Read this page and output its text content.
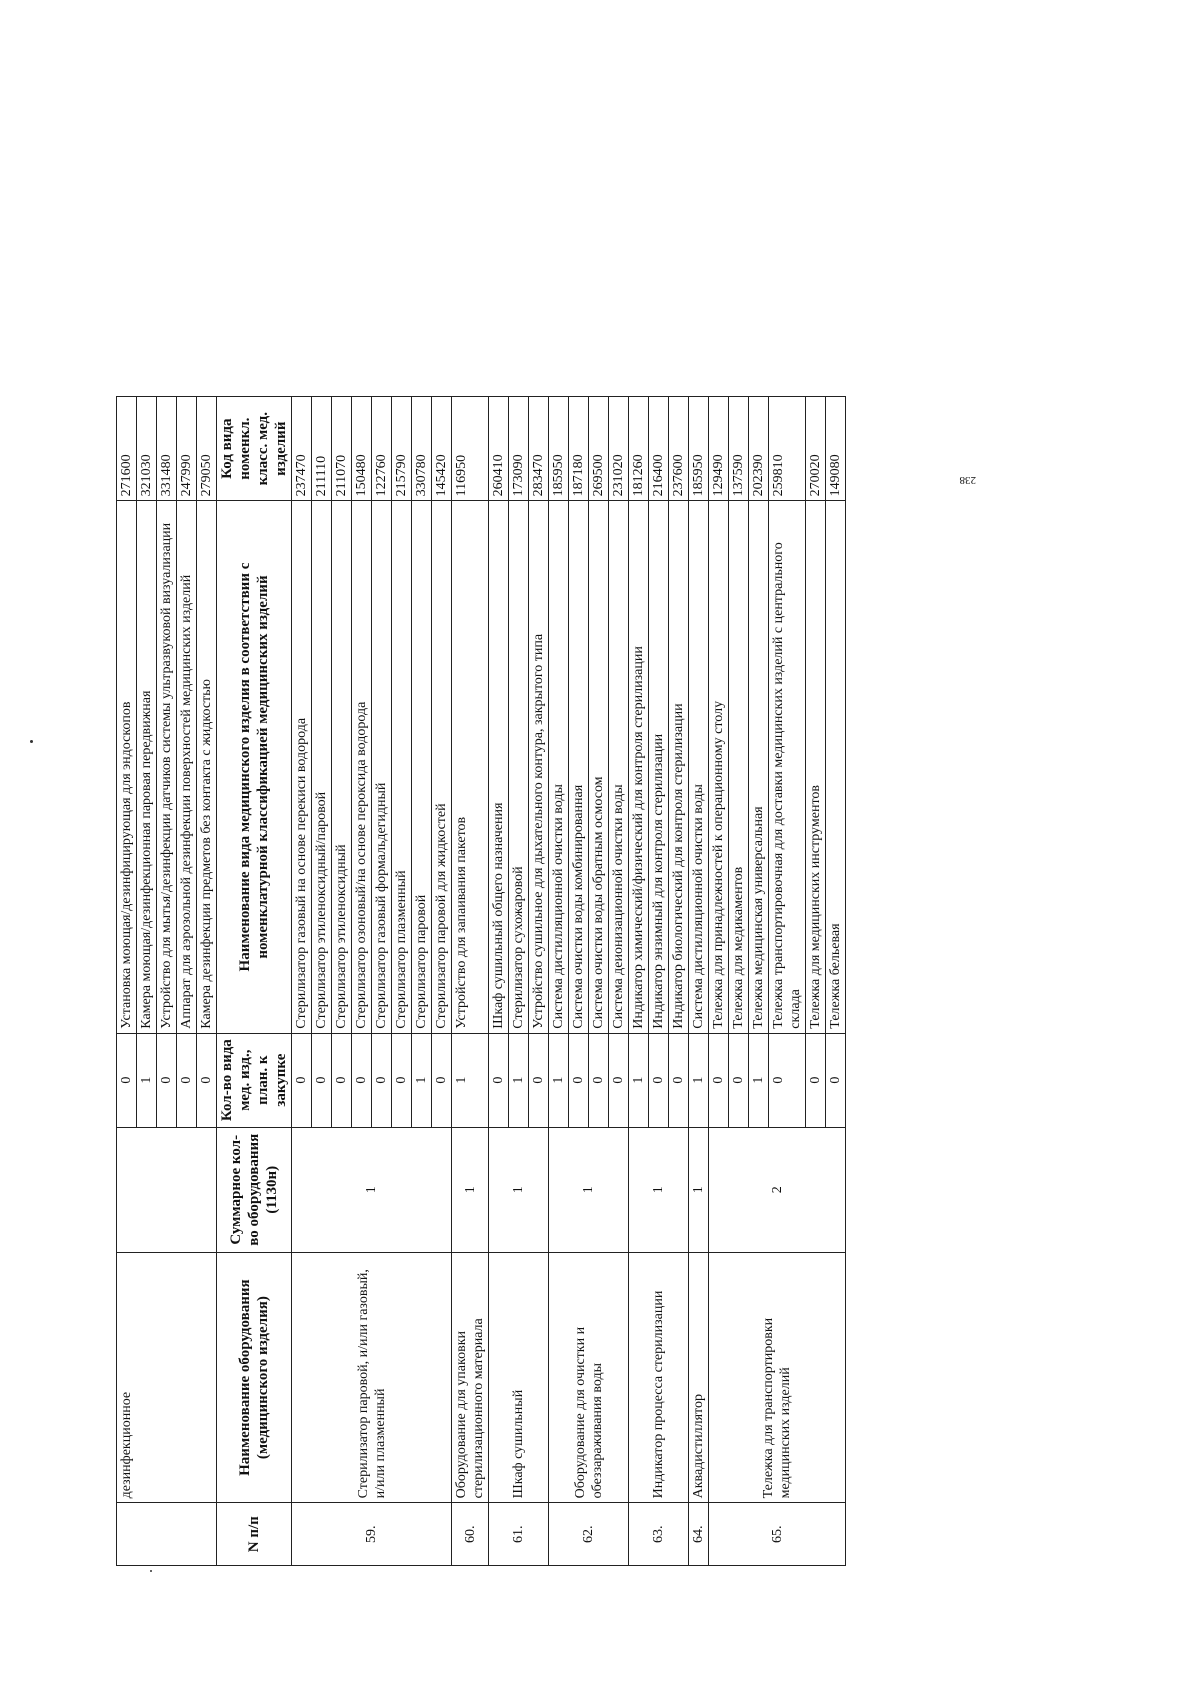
	дезинфекционное		0	Установка моющая/дезинфицирующая для эндоскопов	271600
			1	Камера моющая/дезинфекционная паровая передвижная	321030
			0	Устройство для мытья/дезинфекции датчиков системы ультразвуковой визуализации	331480
			0	Аппарат для аэрозольной дезинфекции поверхностей медицинских изделий	247990
			0	Камера дезинфекции предметов без контакта с жидкостью	279050
N п/п	Наименование оборудования (медицинского изделия)	Суммарное кол-во оборудования (1130н)	Кол-во вида мед. изд., план. к закупке	Наименование вида медицинского изделия в соответствии с номенклатурной классификацией медицинских изделий	Код вида номенкл. класс. мед. изделий
59.	Стерилизатор паровой, и/или газовый, и/или плазменный	1	0	Стерилизатор газовый на основе перекиси водорода	237470
			0	Стерилизатор этиленоксидный/паровой	211110
			0	Стерилизатор этиленоксидный	211070
			0	Стерилизатор озоновый/на основе пероксида водорода	150480
			0	Стерилизатор газовый формальдегидный	122760
			0	Стерилизатор плазменный	215790
			1	Стерилизатор паровой	330780
			0	Стерилизатор паровой для жидкостей	145420
60.	Оборудование для упаковки стерилизационного материала	1	1	Устройство для запаивания пакетов	116950
61.	Шкаф сушильный	1	0	Шкаф сушильный общего назначения	260410
			1	Стерилизатор сухожаровой	173090
			0	Устройство сушильное для дыхательного контура, закрытого типа	283470
62.	Оборудование для очистки и обеззараживания воды	1	1	Система дистилляционной очистки воды	185950
			0	Система очистки воды комбинированная	187180
			0	Система очистки воды обратным осмосом	269500
			0	Система деионизационной очистки воды	231020
63.	Индикатор процесса стерилизации	1	1	Индикатор химический/физический для контроля стерилизации	181260
			0	Индикатор энзимный для контроля стерилизации	216400
			0	Индикатор биологический для контроля стерилизации	237600
64.	Аквадистиллятор	1	1	Система дистилляционной очистки воды	185950
65.	Тележка для транспортировки медицинских изделий	2	0	Тележка для принадлежностей к операционному столу	129490
			0	Тележка для медикаментов	137590
			1	Тележка медицинская универсальная	202390
			0	Тележка транспортировочная для доставки медицинских изделий с центрального склада	259810
			0	Тележка для медицинских инструментов	270020
			0	Тележка бельевая	149080	238
